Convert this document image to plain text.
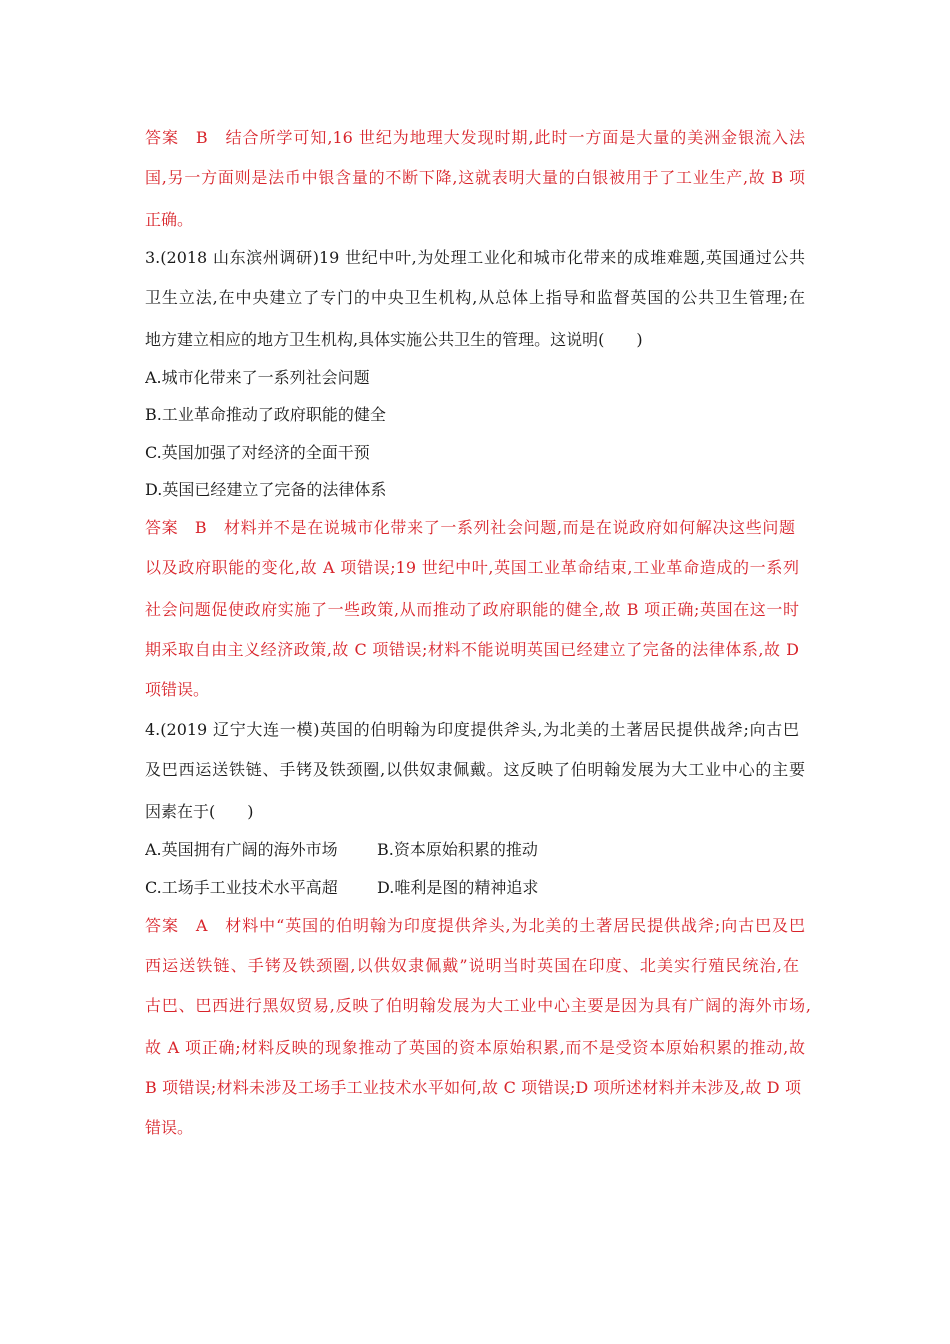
答案　B　结合所学可知,16 世纪为地理大发现时期,此时一方面是大量的美洲金银流入法
国,另一方面则是法币中银含量的不断下降,这就表明大量的白银被用于了工业生产,故 B 项
正确。
3.(2018 山东滨州调研)19 世纪中叶,为处理工业化和城市化带来的成堆难题,英国通过公共
卫生立法,在中央建立了专门的中央卫生机构,从总体上指导和监督英国的公共卫生管理;在
地方建立相应的地方卫生机构,具体实施公共卫生的管理。这说明(　　)
A.城市化带来了一系列社会问题
B.工业革命推动了政府职能的健全
C.英国加强了对经济的全面干预
D.英国已经建立了完备的法律体系
答案　B　材料并不是在说城市化带来了一系列社会问题,而是在说政府如何解决这些问题
以及政府职能的变化,故 A 项错误;19 世纪中叶,英国工业革命结束,工业革命造成的一系列
社会问题促使政府实施了一些政策,从而推动了政府职能的健全,故 B 项正确;英国在这一时
期采取自由主义经济政策,故 C 项错误;材料不能说明英国已经建立了完备的法律体系,故 D
项错误。
4.(2019 辽宁大连一模)英国的伯明翰为印度提供斧头,为北美的土著居民提供战斧;向古巴
及巴西运送铁链、手铐及铁颈圈,以供奴隶佩戴。这反映了伯明翰发展为大工业中心的主要
因素在于(　　)
A.英国拥有广阔的海外市场	B.资本原始积累的推动
C.工场手工业技术水平高超	D.唯利是图的精神追求
答案　A　材料中“英国的伯明翰为印度提供斧头,为北美的土著居民提供战斧;向古巴及巴
西运送铁链、手铐及铁颈圈,以供奴隶佩戴”说明当时英国在印度、北美实行殖民统治,在
古巴、巴西进行黑奴贸易,反映了伯明翰发展为大工业中心主要是因为具有广阔的海外市场,
故 A 项正确;材料反映的现象推动了英国的资本原始积累,而不是受资本原始积累的推动,故
B 项错误;材料未涉及工场手工业技术水平如何,故 C 项错误;D 项所述材料并未涉及,故 D 项
错误。
